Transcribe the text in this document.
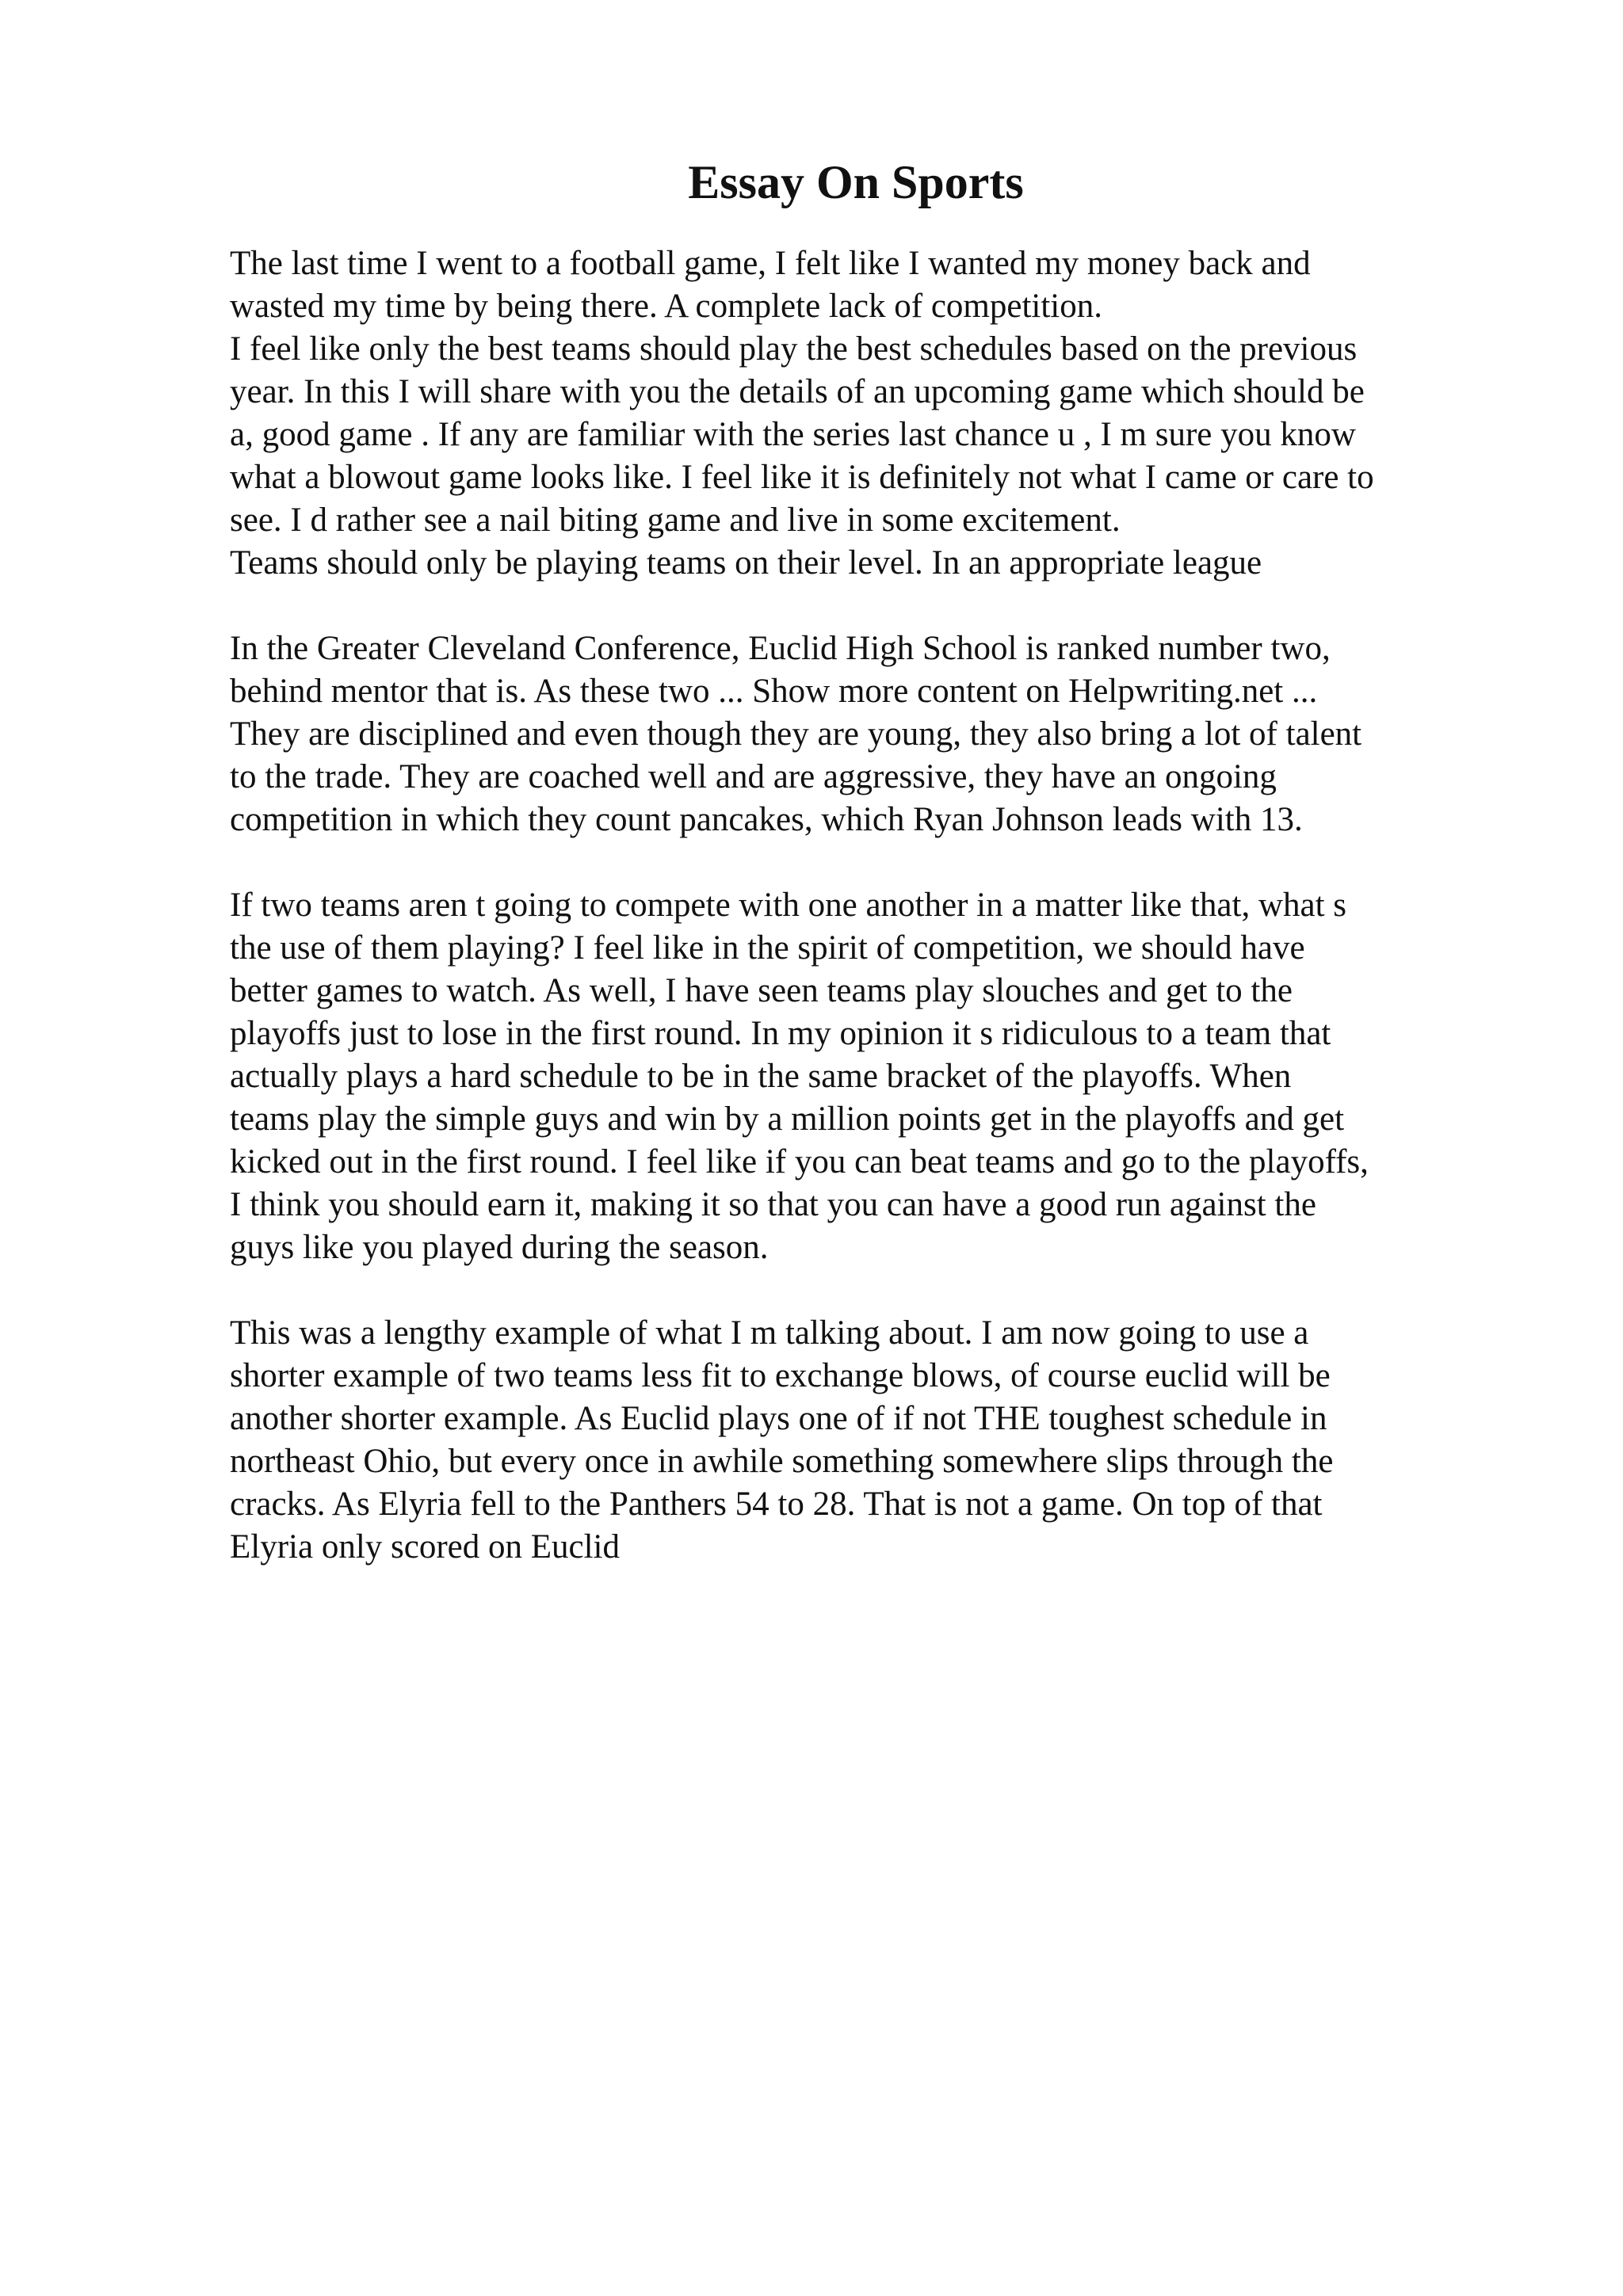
Essay On Sports
The last time I went to a football game, I felt like I wanted my money back and
wasted my time by being there. A complete lack of competition.
I feel like only the best teams should play the best schedules based on the previous
year. In this I will share with you the details of an upcoming game which should be
a, good game . If any are familiar with the series last chance u , I m sure you know
what a blowout game looks like. I feel like it is definitely not what I came or care to
see. I d rather see a nail biting game and live in some excitement.
Teams should only be playing teams on their level. In an appropriate league
In the Greater Cleveland Conference, Euclid High School is ranked number two,
behind mentor that is. As these two ... Show more content on Helpwriting.net ...
They are disciplined and even though they are young, they also bring a lot of talent
to the trade. They are coached well and are aggressive, they have an ongoing
competition in which they count pancakes, which Ryan Johnson leads with 13.
If two teams aren t going to compete with one another in a matter like that, what s
the use of them playing? I feel like in the spirit of competition, we should have
better games to watch. As well, I have seen teams play slouches and get to the
playoffs just to lose in the first round. In my opinion it s ridiculous to a team that
actually plays a hard schedule to be in the same bracket of the playoffs. When
teams play the simple guys and win by a million points get in the playoffs and get
kicked out in the first round. I feel like if you can beat teams and go to the playoffs,
I think you should earn it, making it so that you can have a good run against the
guys like you played during the season.
This was a lengthy example of what I m talking about. I am now going to use a
shorter example of two teams less fit to exchange blows, of course euclid will be
another shorter example. As Euclid plays one of if not THE toughest schedule in
northeast Ohio, but every once in awhile something somewhere slips through the
cracks. As Elyria fell to the Panthers 54 to 28. That is not a game. On top of that
Elyria only scored on Euclid
